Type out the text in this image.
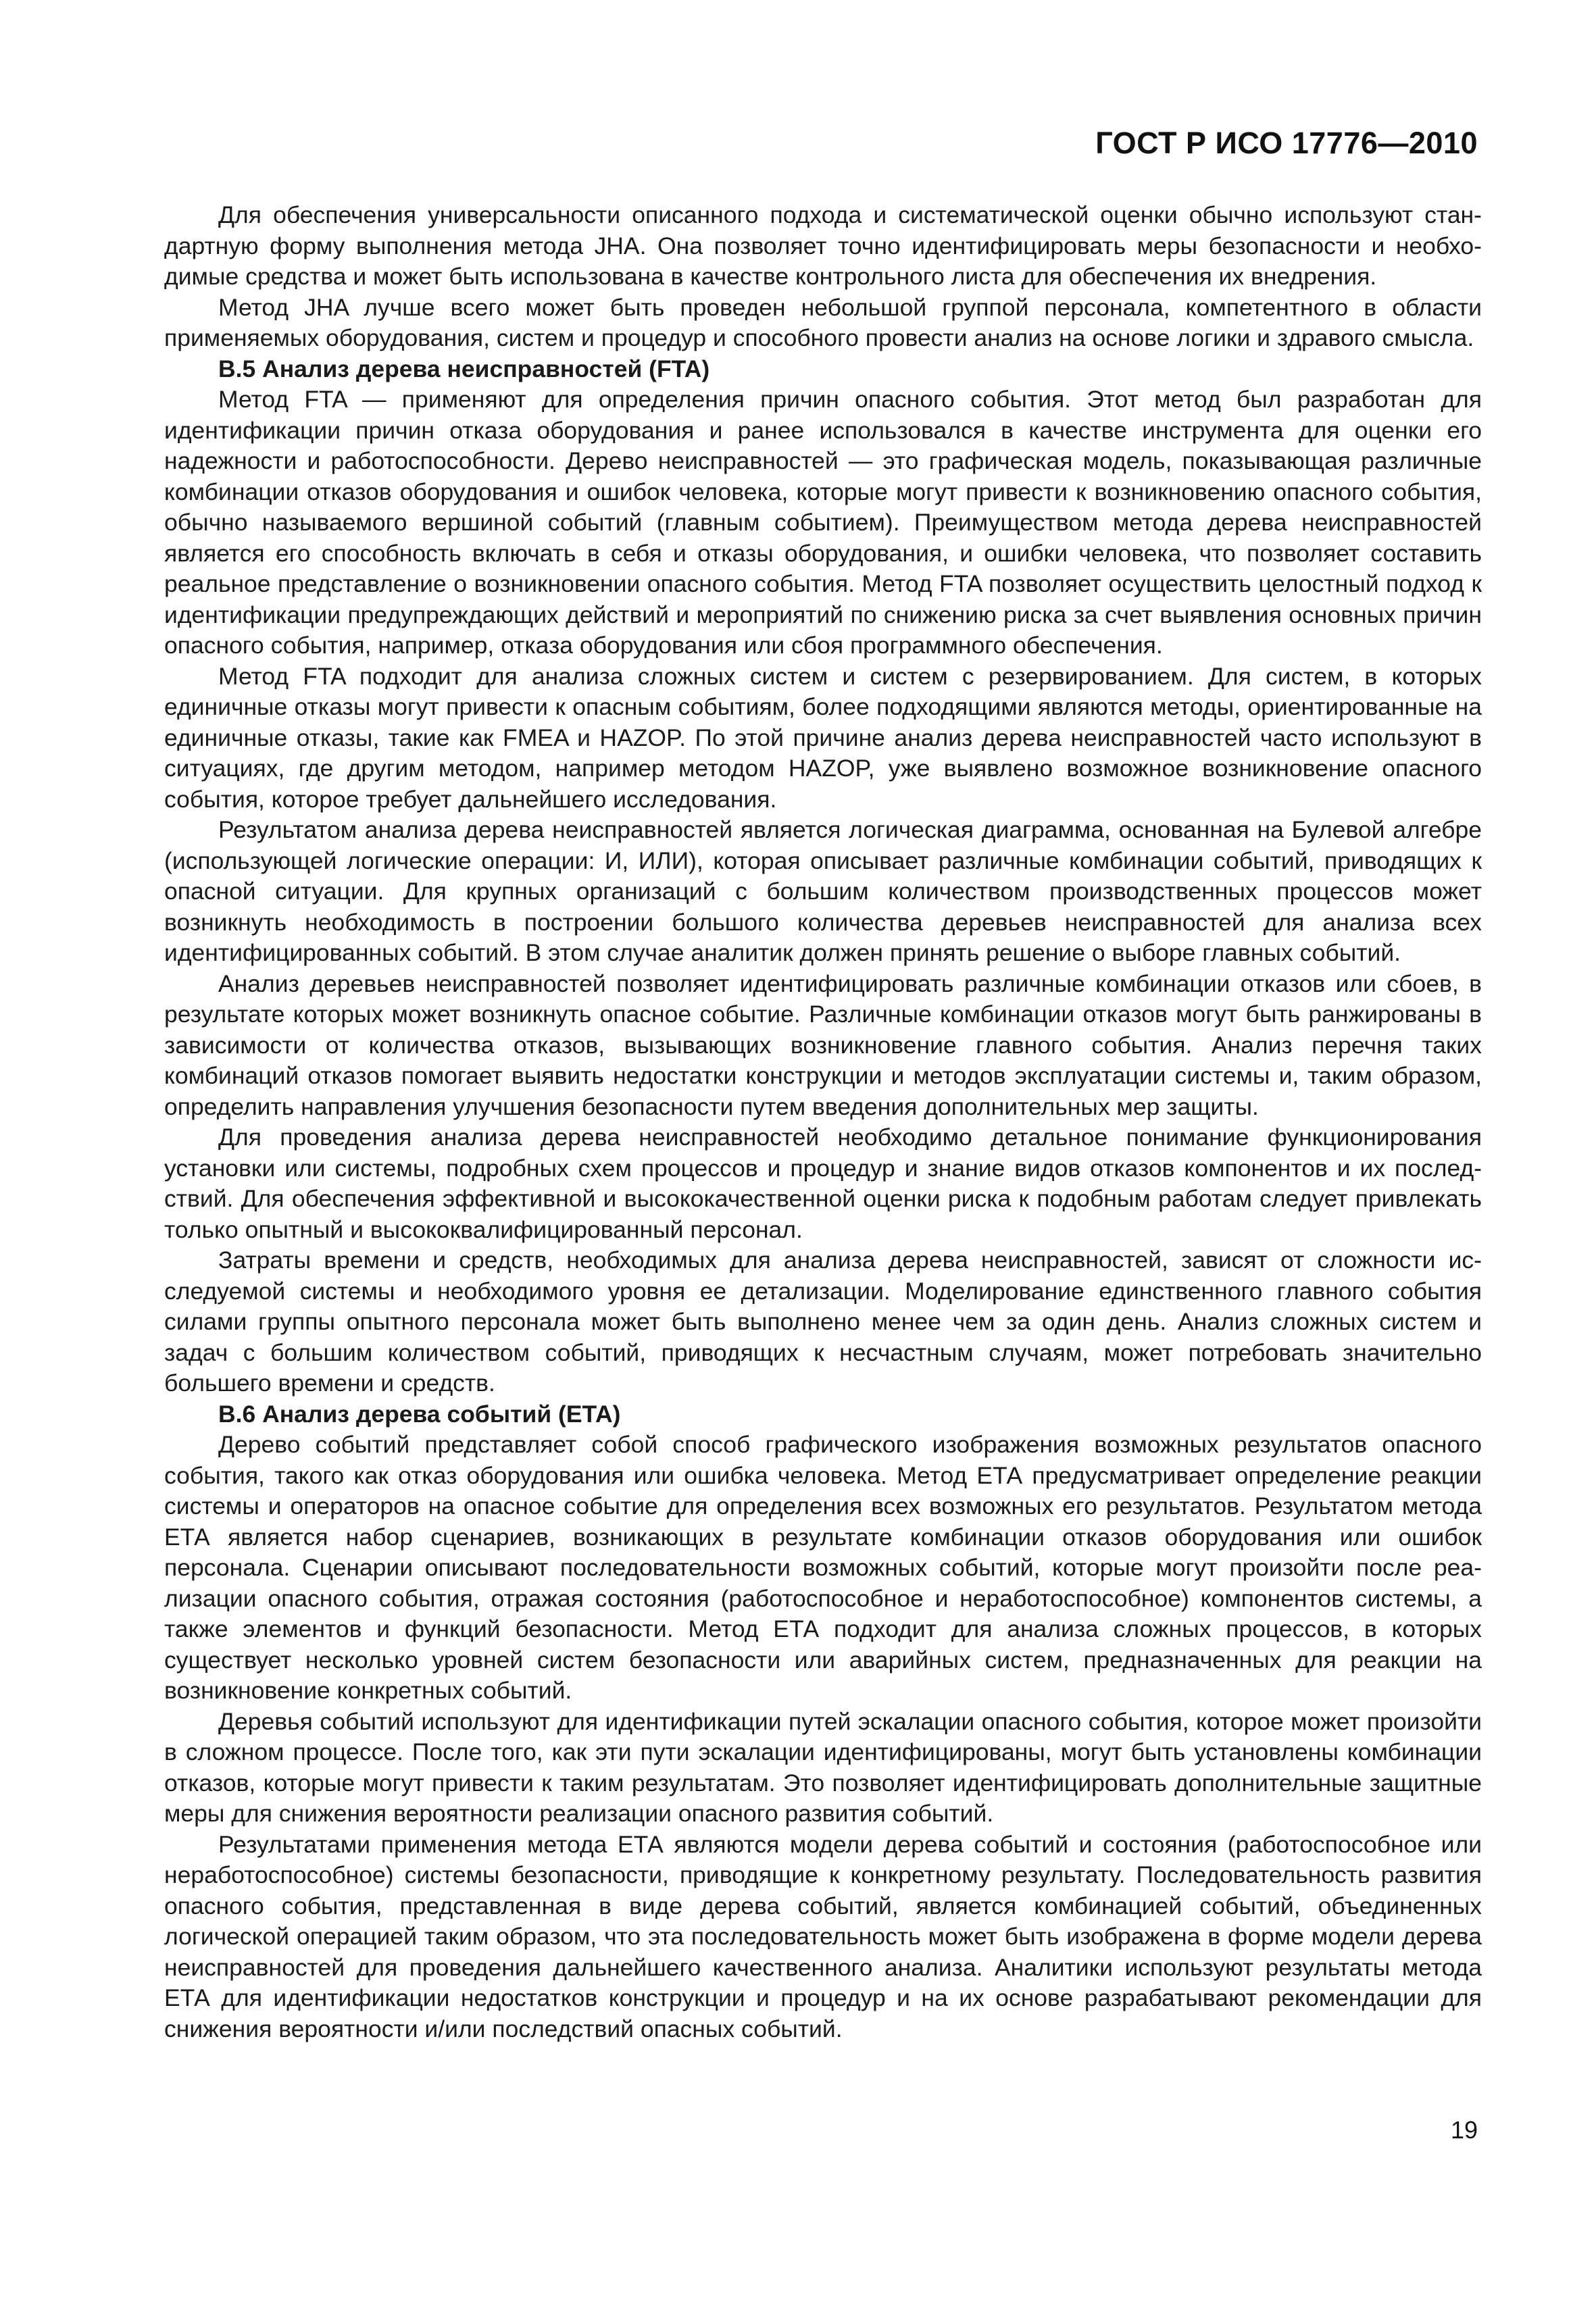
ГОСТ Р ИСО 17776—2010

Для обеспечения универсальности описанного подхода и систематической оценки обычно используют стандартную форму выполнения метода JHA. Она позволяет точно идентифицировать меры безопасности и необходимые средства и может быть использована в качестве контрольного листа для обеспечения их внедрения.

Метод JHA лучше всего может быть проведен небольшой группой персонала, компетентного в области применяемых оборудования, систем и процедур и способного провести анализ на основе логики и здравого смысла.

В.5 Анализ дерева неисправностей (FTA)

Метод FTA — применяют для определения причин опасного события. Этот метод был разработан для идентификации причин отказа оборудования и ранее использовался в качестве инструмента для оценки его надежности и работоспособности. Дерево неисправностей — это графическая модель, показывающая различные комбинации отказов оборудования и ошибок человека, которые могут привести к возникновению опасного события, обычно называемого вершиной событий (главным событием). Преимуществом метода дерева неисправностей является его способность включать в себя и отказы оборудования, и ошибки человека, что позволяет составить реальное представление о возникновении опасного события. Метод FTA позволяет осуществить целостный подход к идентификации предупреждающих действий и мероприятий по снижению риска за счет выявления основных причин опасного события, например, отказа оборудования или сбоя программного обеспечения.

Метод FTA подходит для анализа сложных систем и систем с резервированием. Для систем, в которых единичные отказы могут привести к опасным событиям, более подходящими являются методы, ориентированные на единичные отказы, такие как FMEA и HAZOP. По этой причине анализ дерева неисправностей часто используют в ситуациях, где другим методом, например методом HAZOP, уже выявлено возможное возникновение опасного события, которое требует дальнейшего исследования.

Результатом анализа дерева неисправностей является логическая диаграмма, основанная на Булевой алгебре (использующей логические операции: И, ИЛИ), которая описывает различные комбинации событий, приводящих к опасной ситуации. Для крупных организаций с большим количеством производственных процессов может возникнуть необходимость в построении большого количества деревьев неисправностей для анализа всех идентифицированных событий. В этом случае аналитик должен принять решение о выборе главных событий.

Анализ деревьев неисправностей позволяет идентифицировать различные комбинации отказов или сбоев, в результате которых может возникнуть опасное событие. Различные комбинации отказов могут быть ранжированы в зависимости от количества отказов, вызывающих возникновение главного события. Анализ перечня таких комбинаций отказов помогает выявить недостатки конструкции и методов эксплуатации системы и, таким образом, определить направления улучшения безопасности путем введения дополнительных мер защиты.

Для проведения анализа дерева неисправностей необходимо детальное понимание функционирования установки или системы, подробных схем процессов и процедур и знание видов отказов компонентов и их последствий. Для обеспечения эффективной и высококачественной оценки риска к подобным работам следует привлекать только опытный и высококвалифицированный персонал.

Затраты времени и средств, необходимых для анализа дерева неисправностей, зависят от сложности исследуемой системы и необходимого уровня ее детализации. Моделирование единственного главного события силами группы опытного персонала может быть выполнено менее чем за один день. Анализ сложных систем и задач с большим количеством событий, приводящих к несчастным случаям, может потребовать значительно большего времени и средств.

В.6 Анализ дерева событий (ЕТА)

Дерево событий представляет собой способ графического изображения возможных результатов опасного события, такого как отказ оборудования или ошибка человека. Метод ЕТА предусматривает определение реакции системы и операторов на опасное событие для определения всех возможных его результатов. Результатом метода ЕТА является набор сценариев, возникающих в результате комбинации отказов оборудования или ошибок персонала. Сценарии описывают последовательности возможных событий, которые могут произойти после реализации опасного события, отражая состояния (работоспособное и неработоспособное) компонентов системы, а также элементов и функций безопасности. Метод ЕТА подходит для анализа сложных процессов, в которых существует несколько уровней систем безопасности или аварийных систем, предназначенных для реакции на возникновение конкретных событий.

Деревья событий используют для идентификации путей эскалации опасного события, которое может произойти в сложном процессе. После того, как эти пути эскалации идентифицированы, могут быть установлены комбинации отказов, которые могут привести к таким результатам. Это позволяет идентифицировать дополнительные защитные меры для снижения вероятности реализации опасного развития событий.

Результатами применения метода ЕТА являются модели дерева событий и состояния (работоспособное или неработоспособное) системы безопасности, приводящие к конкретному результату. Последовательность развития опасного события, представленная в виде дерева событий, является комбинацией событий, объединенных логической операцией таким образом, что эта последовательность может быть изображена в форме модели дерева неисправностей для проведения дальнейшего качественного анализа. Аналитики используют результаты метода ЕТА для идентификации недостатков конструкции и процедур и на их основе разрабатывают рекомендации для снижения вероятности и/или последствий опасных событий.

19
